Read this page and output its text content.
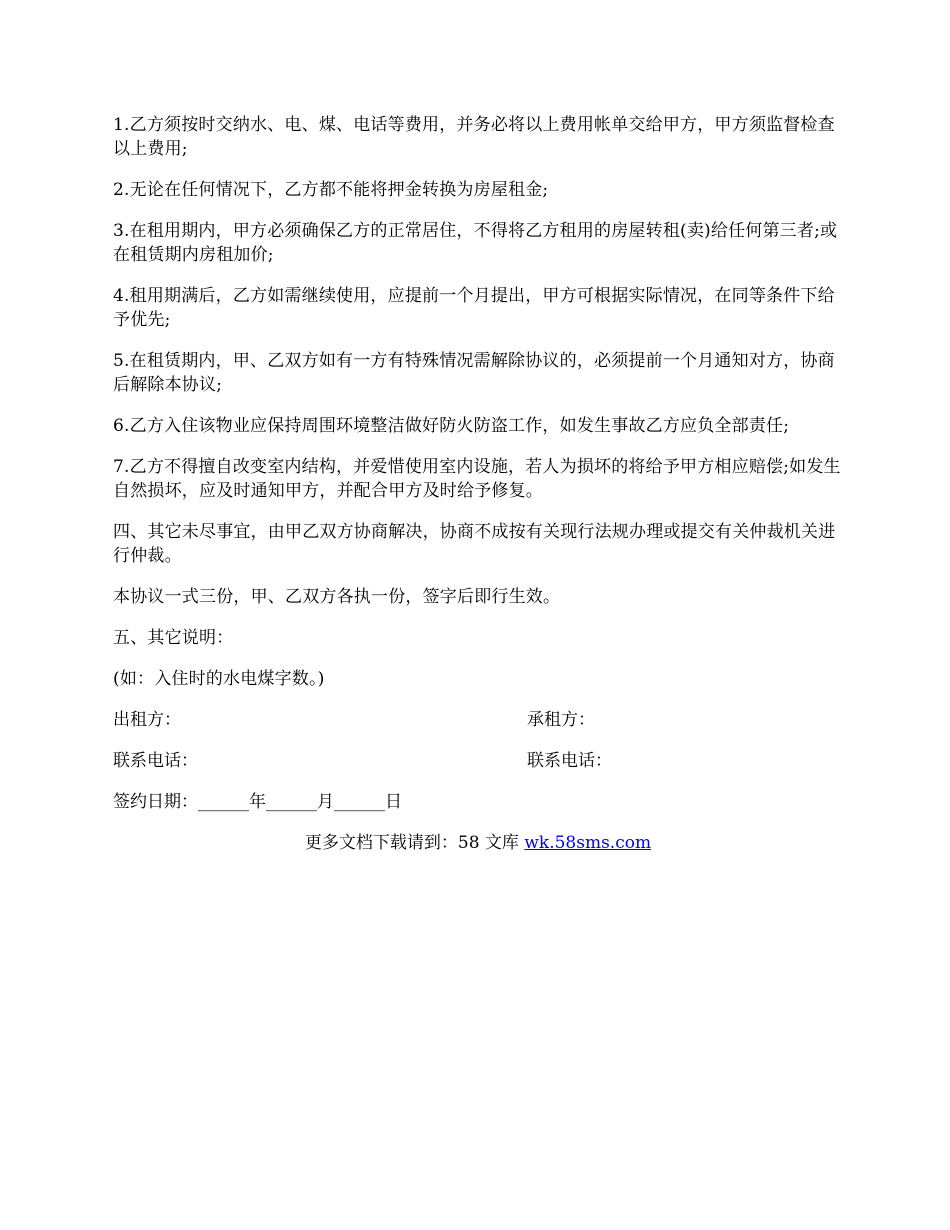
1.乙方须按时交纳水、电、煤、电话等费用，并务必将以上费用帐单交给甲方，甲方须监督检查以上费用;

2.无论在任何情况下，乙方都不能将押金转换为房屋租金;

3.在租用期内，甲方必须确保乙方的正常居住，不得将乙方租用的房屋转租(卖)给任何第三者;或在租赁期内房租加价;

4.租用期满后，乙方如需继续使用，应提前一个月提出，甲方可根据实际情况，在同等条件下给予优先;

5.在租赁期内，甲、乙双方如有一方有特殊情况需解除协议的，必须提前一个月通知对方，协商后解除本协议;

6.乙方入住该物业应保持周围环境整洁做好防火防盗工作，如发生事故乙方应负全部责任;

7.乙方不得擅自改变室内结构，并爱惜使用室内设施，若人为损坏的将给予甲方相应赔偿;如发生自然损坏，应及时通知甲方，并配合甲方及时给予修复。

四、其它未尽事宜，由甲乙双方协商解决，协商不成按有关现行法规办理或提交有关仲裁机关进行仲裁。

本协议一式三份，甲、乙双方各执一份，签字后即行生效。

五、其它说明：

(如：入住时的水电煤字数。)

出租方：	承租方：
联系电话：	联系电话：
签约日期：______年______月______日
更多文档下载请到：58 文库 wk.58sms.com
